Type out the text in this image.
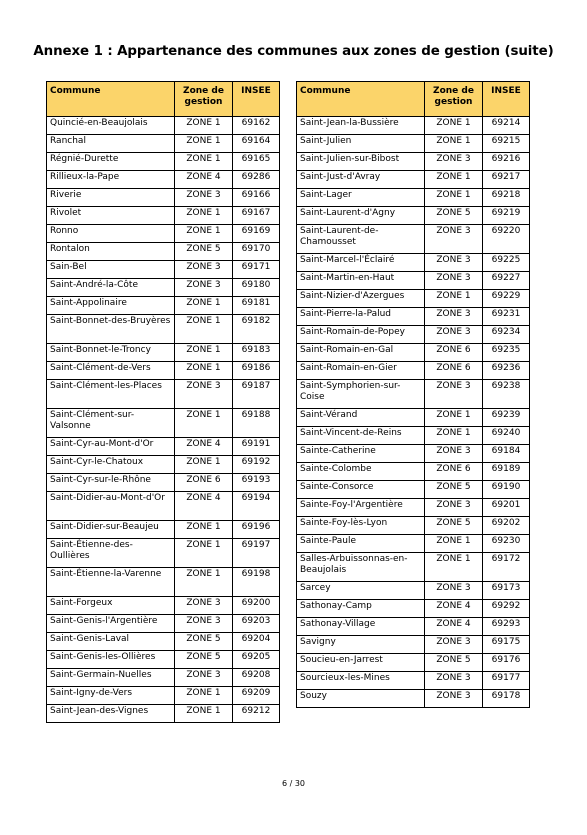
Annexe 1 : Appartenance des communes aux zones de gestion (suite)
Commune	Zone de gestion	INSEE
Quincié-en-Beaujolais	ZONE 1	69162
Ranchal	ZONE 1	69164
Régnié-Durette	ZONE 1	69165
Rillieux-la-Pape	ZONE 4	69286
Riverie	ZONE 3	69166
Rivolet	ZONE 1	69167
Ronno	ZONE 1	69169
Rontalon	ZONE 5	69170
Sain-Bel	ZONE 3	69171
Saint-André-la-Côte	ZONE 3	69180
Saint-Appolinaire	ZONE 1	69181
Saint-Bonnet-des-Bruyères	ZONE 1	69182
Saint-Bonnet-le-Troncy	ZONE 1	69183
Saint-Clément-de-Vers	ZONE 1	69186
Saint-Clément-les-Places	ZONE 3	69187
Saint-Clément-sur-Valsonne	ZONE 1	69188
Saint-Cyr-au-Mont-d'Or	ZONE 4	69191
Saint-Cyr-le-Chatoux	ZONE 1	69192
Saint-Cyr-sur-le-Rhône	ZONE 6	69193
Saint-Didier-au-Mont-d'Or	ZONE 4	69194
Saint-Didier-sur-Beaujeu	ZONE 1	69196
Saint-Étienne-des-Oullières	ZONE 1	69197
Saint-Étienne-la-Varenne	ZONE 1	69198
Saint-Forgeux	ZONE 3	69200
Saint-Genis-l'Argentière	ZONE 3	69203
Saint-Genis-Laval	ZONE 5	69204
Saint-Genis-les-Ollières	ZONE 5	69205
Saint-Germain-Nuelles	ZONE 3	69208
Saint-Igny-de-Vers	ZONE 1	69209
Saint-Jean-des-Vignes	ZONE 1	69212
Commune	Zone de gestion	INSEE
Saint-Jean-la-Bussière	ZONE 1	69214
Saint-Julien	ZONE 1	69215
Saint-Julien-sur-Bibost	ZONE 3	69216
Saint-Just-d'Avray	ZONE 1	69217
Saint-Lager	ZONE 1	69218
Saint-Laurent-d'Agny	ZONE 5	69219
Saint-Laurent-de-Chamousset	ZONE 3	69220
Saint-Marcel-l'Éclairé	ZONE 3	69225
Saint-Martin-en-Haut	ZONE 3	69227
Saint-Nizier-d'Azergues	ZONE 1	69229
Saint-Pierre-la-Palud	ZONE 3	69231
Saint-Romain-de-Popey	ZONE 3	69234
Saint-Romain-en-Gal	ZONE 6	69235
Saint-Romain-en-Gier	ZONE 6	69236
Saint-Symphorien-sur-Coise	ZONE 3	69238
Saint-Vérand	ZONE 1	69239
Saint-Vincent-de-Reins	ZONE 1	69240
Sainte-Catherine	ZONE 3	69184
Sainte-Colombe	ZONE 6	69189
Sainte-Consorce	ZONE 5	69190
Sainte-Foy-l'Argentière	ZONE 3	69201
Sainte-Foy-lès-Lyon	ZONE 5	69202
Sainte-Paule	ZONE 1	69230
Salles-Arbuissonnas-en-Beaujolais	ZONE 1	69172
Sarcey	ZONE 3	69173
Sathonay-Camp	ZONE 4	69292
Sathonay-Village	ZONE 4	69293
Savigny	ZONE 3	69175
Soucieu-en-Jarrest	ZONE 5	69176
Sourcieux-les-Mines	ZONE 3	69177
Souzy	ZONE 3	69178
6 / 30
